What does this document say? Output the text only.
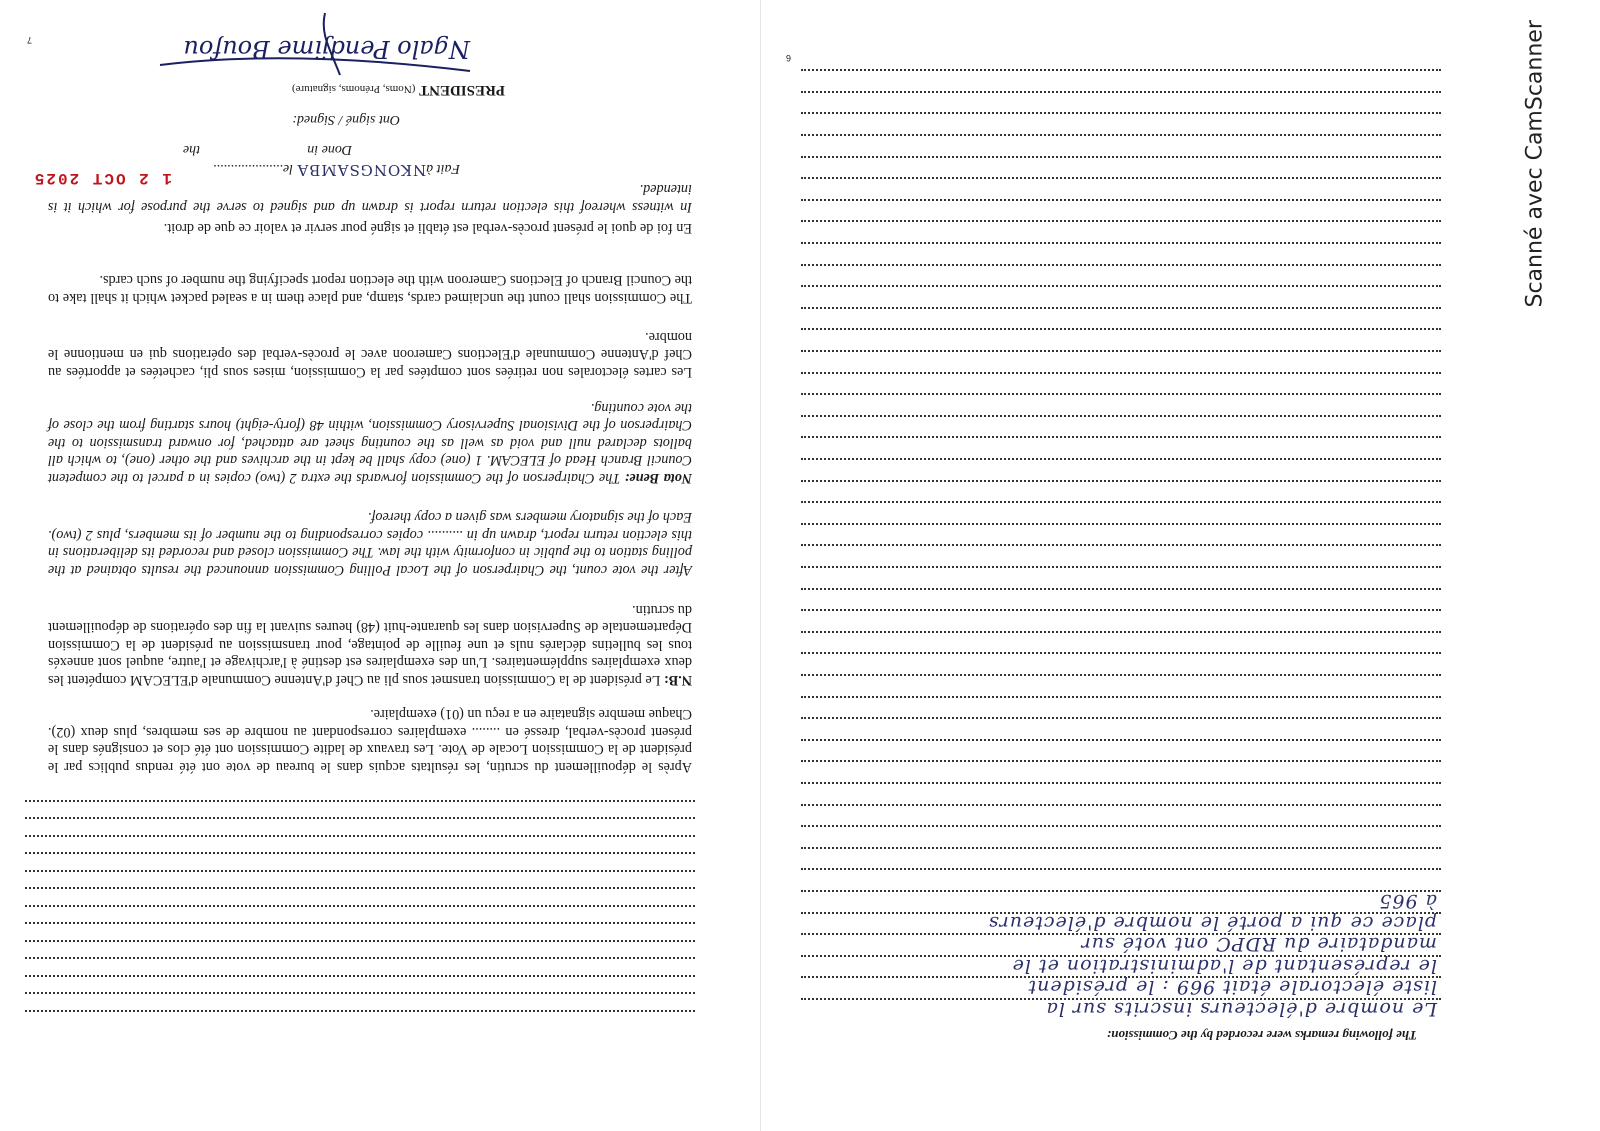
7
Après le dépouillement du scrutin, les résultats acquis dans le bureau de vote ont été rendus publics par le président de la Commission Locale de Vote. Les travaux de ladite Commission ont été clos et consignés dans le présent procès-verbal, dressé en ........ exemplaires correspondant au nombre de ses membres, plus deux (02). Chaque membre signataire en a reçu un (01) exemplaire.
N.B: Le président de la Commission transmet sous pli au Chef d'Antenne Communale d'ELECAM compétent les deux exemplaires supplémentaires. L'un des exemplaires est destiné à l'archivage et l'autre, auquel sont annexés tous les bulletins déclarés nuls et une feuille de pointage, pour transmission au président de la Commission Départementale de Supervision dans les quarante-huit (48) heures suivant la fin des opérations de dépouillement du scrutin.
After the vote count, the Chairperson of the Local Polling Commission announced the results obtained at the polling station to the public in conformity with the law. The Commission closed and recorded its deliberations in this election return report, drawn up in .......... copies corresponding to the number of its members, plus 2 (two). Each of the signatory members was given a copy thereof.
Nota Bene: The Chairperson of the Commission forwards the extra 2 (two) copies in a parcel to the competent Council Branch Head of ELECAM. 1 (one) copy shall be kept in the archives and the other (one), to which all ballots declared null and void as well as the counting sheet are attached, for onward transmission to the Chairperson of the Divisional Supervisory Commission, within 48 (forty-eight) hours starting from the close of the vote counting.
Les cartes électorales non retirées sont comptées par la Commission, mises sous pli, cachetées et apportées au Chef d'Antenne Communale d'Elections Cameroon avec le procès-verbal des opérations qui en mentionne le nombre.
The Commission shall count the unclaimed cards, stamp, and place them in a sealed packet which it shall take to the Council Branch of Elections Cameroon with the election report specifying the number of such cards.
En foi de quoi le présent procès-verbal est établi et signé pour servir et valoir ce que de droit.
In witness whereof this election return report is drawn up and signed to serve the purpose for which it is intended.
Fait àNKONGSAMBA le....................
1 2 OCT 2025
Done in
the
Ont signé / Signed:
PRESIDENT (Noms, Prénoms, signature)
Ngalo Pendjime Boufou	6
The following remarks were recorded by the Commission:
Le nombre d'électeurs inscrits sur la
liste électorale était 969 : le président
le représentant de l'administration et le
mandataire du RDPC ont voté sur
place ce qui a porté le nombre d'électeurs
à 965
Scanné avec CamScanner
